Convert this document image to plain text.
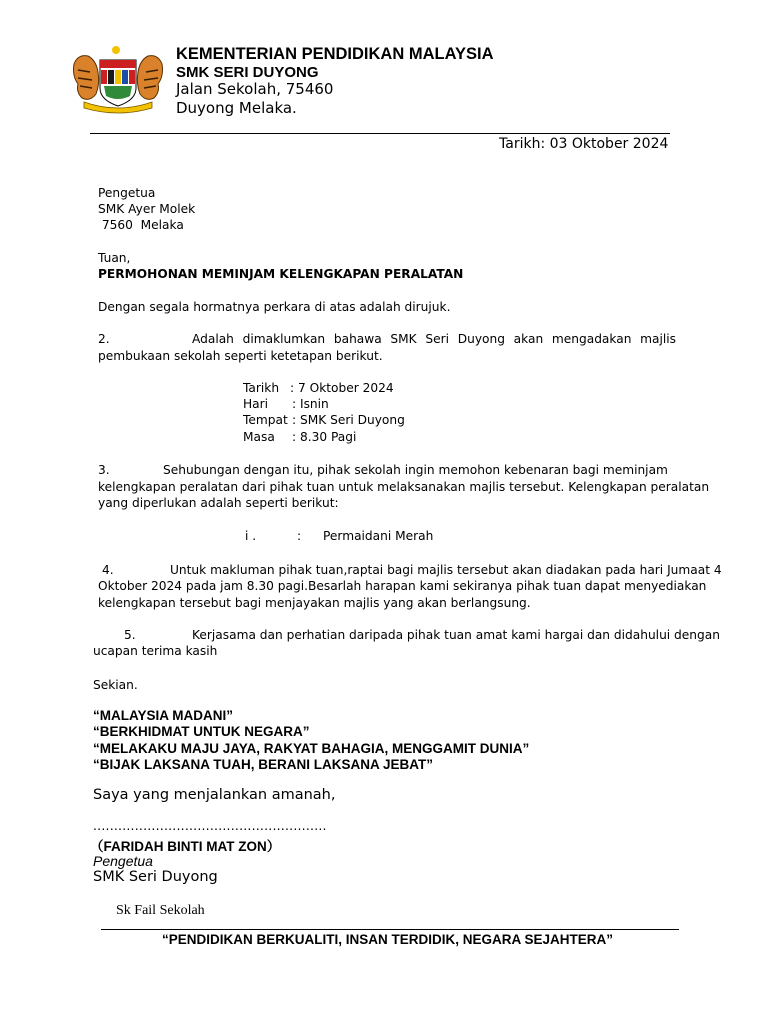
KEMENTERIAN PENDIDIKAN MALAYSIA
SMK SERI DUYONG
Jalan Sekolah, 75460
Duyong Melaka.
Tarikh: 03 Oktober 2024
Pengetua
SMK Ayer Molek
7560  Melaka
Tuan,
PERMOHONAN MEMINJAM KELENGKAPAN PERALATAN
Dengan segala hormatnya perkara di atas adalah dirujuk.
2.	Adalah dimaklumkan bahawa SMK Seri Duyong akan mengadakan majlis
pembukaan sekolah seperti ketetapan berikut.
Tarikh : 7 Oktober 2024
Hari : Isnin
Tempat : SMK Seri Duyong
Masa : 8.30 Pagi
3.	Sehubungan dengan itu, pihak sekolah ingin memohon kebenaran bagi meminjam
kelengkapan peralatan dari pihak tuan untuk melaksanakan majlis tersebut. Kelengkapan peralatan
yang diperlukan adalah seperti berikut:
i .	: Permaidani Merah
4.	Untuk makluman pihak tuan,raptai bagi majlis tersebut akan diadakan pada hari Jumaat 4
Oktober 2024 pada jam 8.30 pagi.Besarlah harapan kami sekiranya pihak tuan dapat menyediakan
kelengkapan tersebut bagi menjayakan majlis yang akan berlangsung.
5.	Kerjasama dan perhatian daripada pihak tuan amat kami hargai dan didahului dengan
ucapan terima kasih
Sekian.
“MALAYSIA MADANI”
“BERKHIDMAT UNTUK NEGARA”
“MELAKAKU MAJU JAYA, RAKYAT BAHAGIA, MENGGAMIT DUNIA”
“BIJAK LAKSANA TUAH, BERANI LAKSANA JEBAT”
Saya yang menjalankan amanah,
........................................................
（FARIDAH BINTI MAT ZON）
Pengetua
SMK Seri Duyong
Sk Fail Sekolah
“PENDIDIKAN BERKUALITI, INSAN TERDIDIK, NEGARA SEJAHTERA”
